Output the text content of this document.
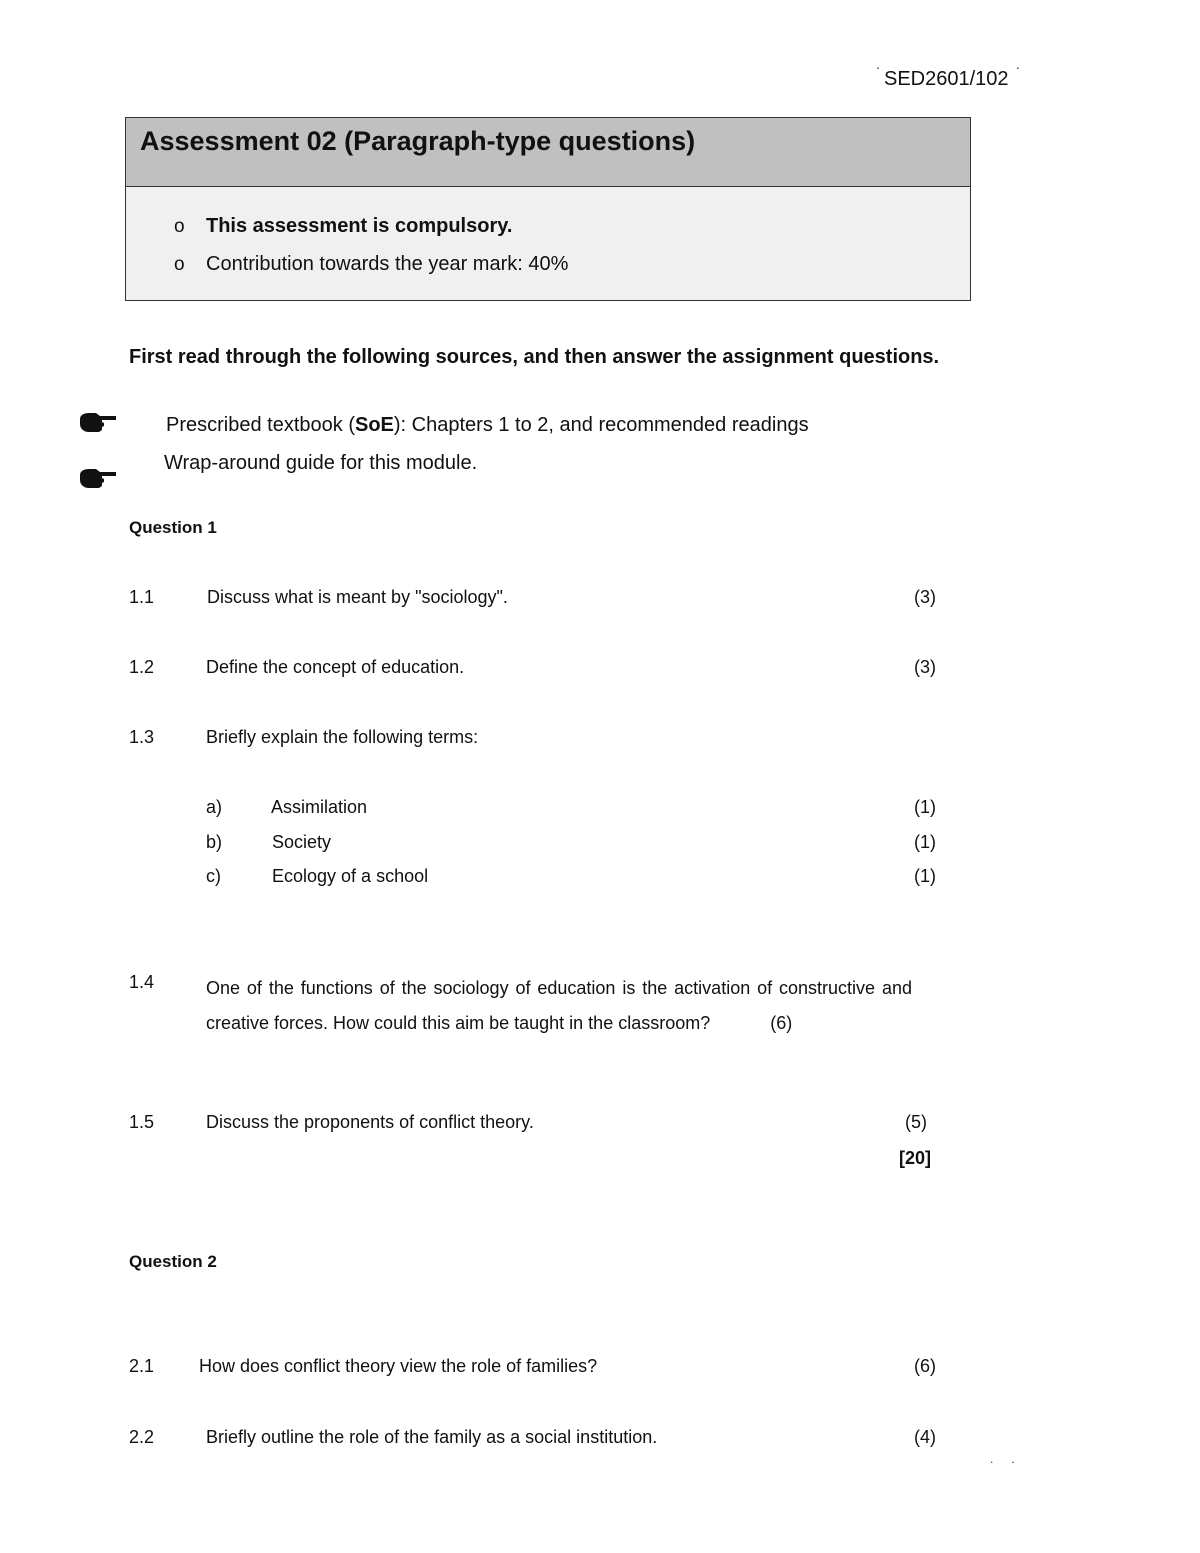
..
SED2601/102
Assessment 02 (Paragraph-type questions)
o This assessment is compulsory.
o Contribution towards the year mark: 40%
First read through the following sources, and then answer the assignment questions.
Prescribed textbook (SoE): Chapters 1 to 2, and recommended readings
Wrap-around guide for this module.
Question 1
1.1	Discuss what is meant by "sociology".	(3)
1.2	Define the concept of education.	(3)
1.3	Briefly explain the following terms:
a)	Assimilation	(1)
b)	Society	(1)
c)	Ecology of a school	(1)
1.4	One of the functions of the sociology of education is the activation of constructive and creative forces. How could this aim be taught in the classroom?	(6)
1.5	Discuss the proponents of conflict theory.	(5)
[20]
Question 2
2.1 How does conflict theory view the role of families?	(6)
2.2	Briefly outline the role of the family as a social institution.	(4)
..
